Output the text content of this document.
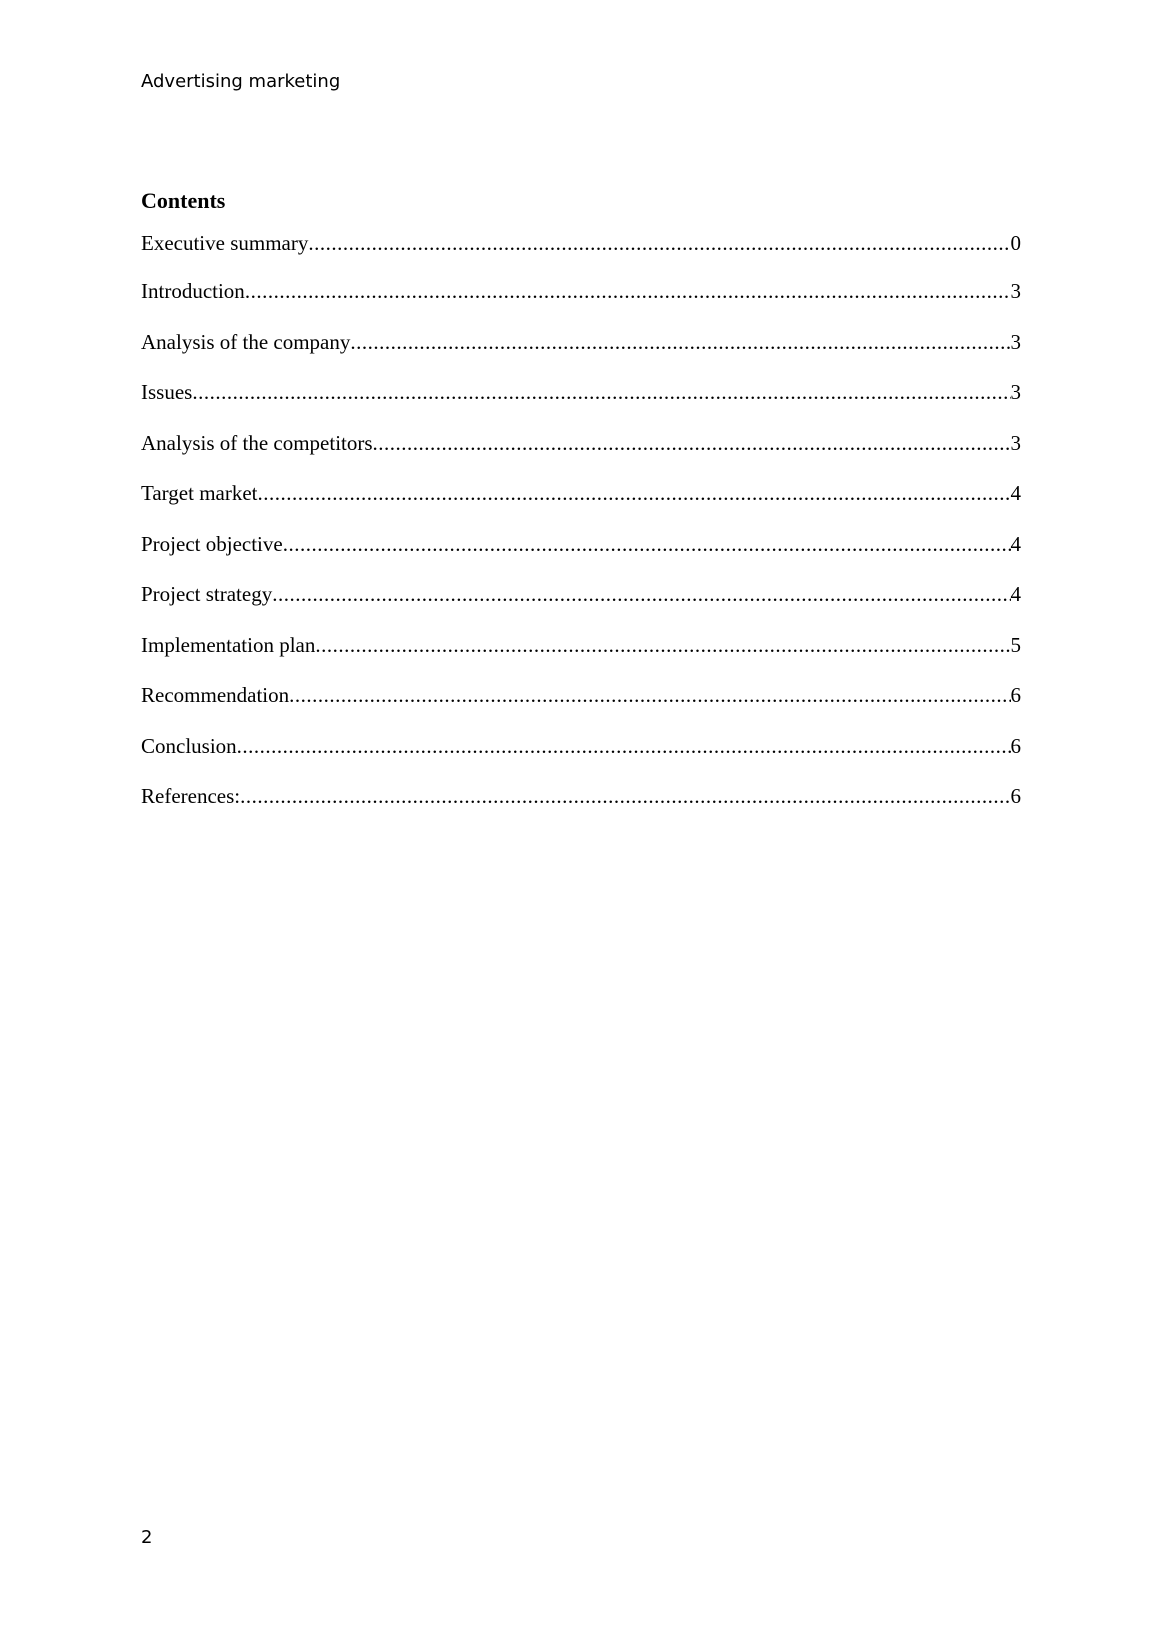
Advertising marketing
Contents
Executive summary .....	0
Introduction .....	3
Analysis of the company .....	3
Issues .....	3
Analysis of the competitors .....	3
Target market .....	4
Project objective .....	4
Project strategy .....	4
Implementation plan .....	5
Recommendation .....	6
Conclusion .....	6
References: .....	6
2
